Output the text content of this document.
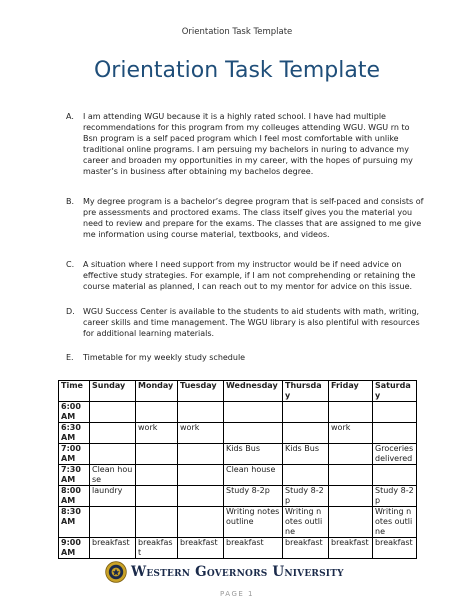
Orientation Task Template
Orientation Task Template
A. I am attending WGU because it is a highly rated school. I have had multiple
recommendations for this program from my colleuges attending WGU. WGU rn to
Bsn program is a self paced program which I feel most comfortable with unlike
traditional online programs. I am persuing my bachelors in nuring to advance my
career and broaden my opportunities in my career, with the hopes of pursuing my
master’s in business after obtaining my bachelos degree.
B. My degree program is a bachelor’s degree program that is self-paced and consists of
pre assessments and proctored exams. The class itself gives you the material you
need to review and prepare for the exams. The classes that are assigned to me give
me information using course material, textbooks, and videos.
C. A situation where I need support from my instructor would be if need advice on
effective study strategies. For example, if I am not comprehending or retaining the
course material as planned, I can reach out to my mentor for advice on this issue.
D. WGU Success Center is available to the students to aid students with math, writing,
career skills and time management. The WGU library is also plentiful with resources
for additional learning materials.
E. Timetable for my weekly study schedule
Time	Sunday	Monday	Tuesday	Wednesday	Thursday	Friday	Saturday
6:00 AM							
6:30 AM		work	work			work	
7:00 AM				Kids Bus	Kids Bus		Groceries delivered
7:30 AM	Clean house			Clean house			
8:00 AM	laundry			Study 8-2p	Study 8-2p		Study 8-2p
8:30 AM				Writing notes outline	Writing notes outline		Writing notes outline
9:00 AM	breakfast	breakfast	breakfast	breakfast	breakfast	breakfast	breakfast
Western Governors University
PAGE 1
